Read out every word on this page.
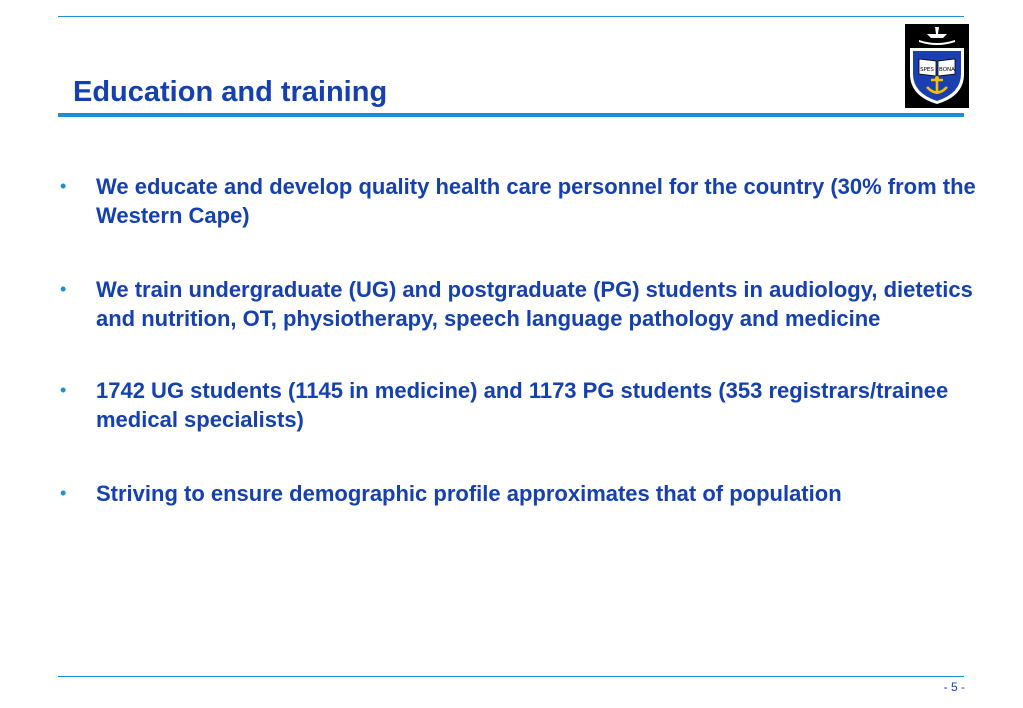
Education and training
SPES BONA
• We educate and develop quality health care personnel for the country (30% from the Western Cape)
• We train undergraduate (UG) and postgraduate (PG) students in audiology, dietetics and nutrition, OT, physiotherapy, speech language pathology and medicine
• 1742 UG students (1145 in medicine) and 1173 PG students (353 registrars/trainee medical specialists)
• Striving to ensure demographic profile approximates that of population
- 5 -
